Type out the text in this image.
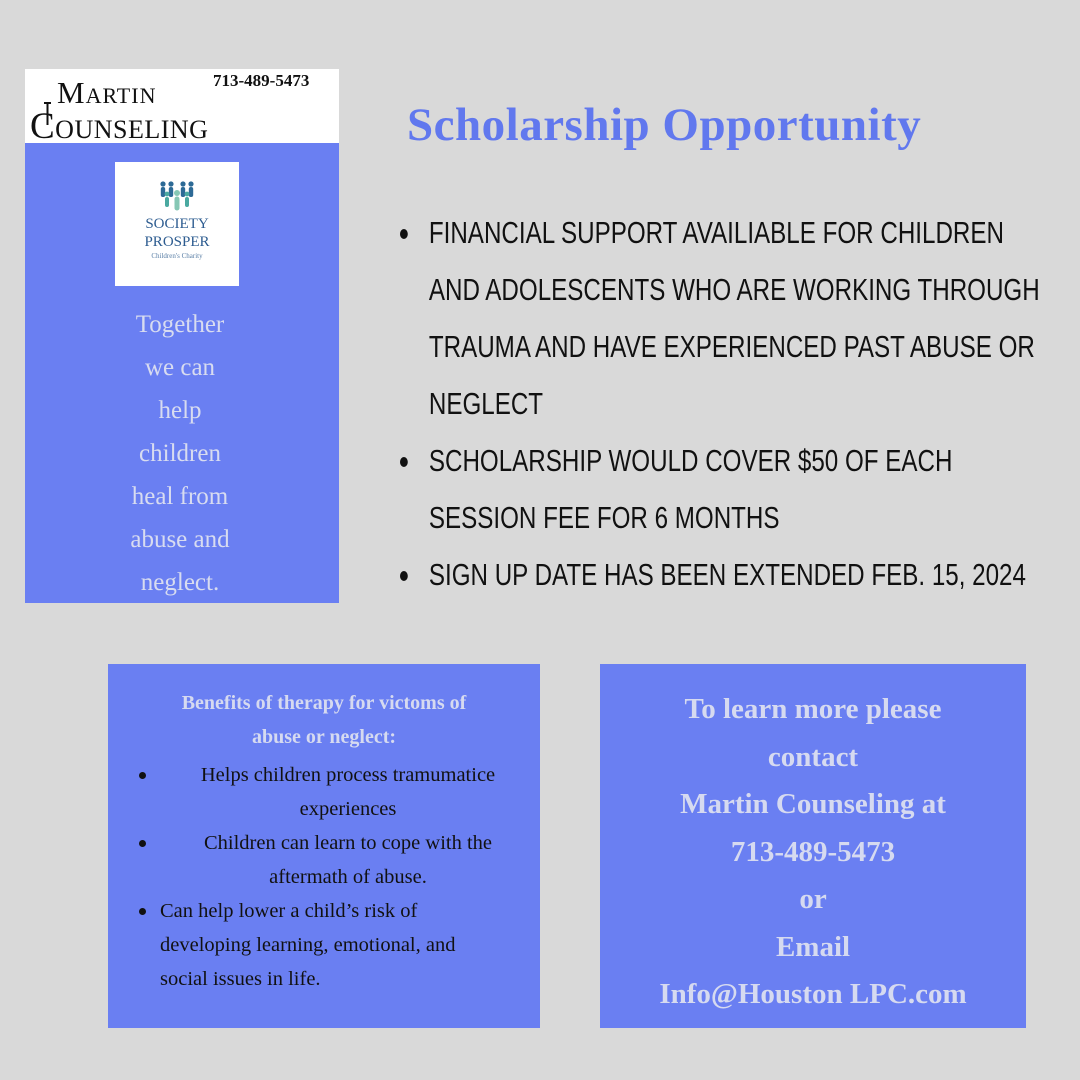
713-489-5473
Martin
Counseling
SOCIETY
PROSPER
Children's Charity
Together
we can
help
children
heal from
abuse and
neglect.
Scholarship Opportunity
FINANCIAL SUPPORT AVAILIABLE FOR CHILDREN
AND ADOLESCENTS WHO ARE WORKING THROUGH
TRAUMA AND HAVE EXPERIENCED PAST ABUSE OR
NEGLECT
SCHOLARSHIP WOULD COVER $50 OF EACH
SESSION FEE FOR 6 MONTHS
SIGN UP DATE HAS BEEN EXTENDED FEB. 15, 2024
Benefits of therapy for victoms of
abuse or neglect:
Helps children process tramumatice
experiences
Children can learn to cope with the
aftermath of abuse.
Can help lower a child’s risk of
developing learning, emotional, and
social issues in life.
To learn more please
contact
Martin Counseling at
713-489-5473
or
Email
Info@Houston LPC.com
